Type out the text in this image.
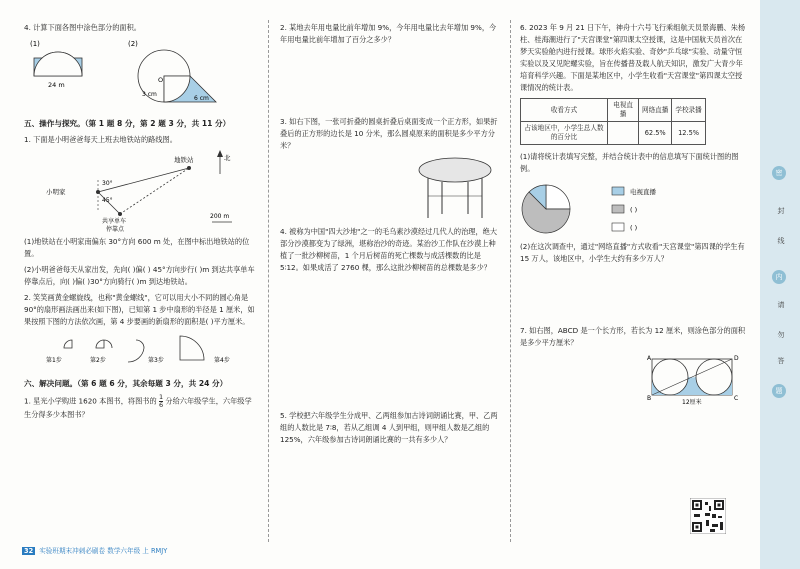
4. 计算下面各图中涂色部分的面积。
(1)
24 m
(2)
O
3 cm
6 cm
五、操作与探究。（第 1 题 8 分，第 2 题 3 分，共 11 分）
1. 下面是小明爸爸每天上班去地铁站的路线图。
北
地铁站
小明家
30°
45°
共享单车
停靠点
200 m
(1)地铁站在小明家南偏东 30°方向 600 m 处，在图中标出地铁站的位置。
(2)小明爸爸每天从家出发，先向( )偏( ) 45°方向步行( )m 到达共享单车停靠点后，向( )偏( )30°方向骑行( )m 到达地铁站。
2. 笑笑画黄金螺旋线，也称"黄金螺线"，它可以用大小不同的圆心角是 90°的扇形画法画出来(如下图)，已知第 1 步中扇形的半径是 1 厘米，如果按照下图的方法依次画，第 4 步要画的新扇形的面积是( )平方厘米。
第1步	第2步	第3步	第4步
六、解决问题。（第 6 题 6 分，其余每题 3 分，共 24 分）
1. 星光小学购进 1620 本图书，将图书的 $\frac{1}{6}$ 分给六年级学生，六年级学生分得多少本图书？
2. 某地去年用电量比前年增加 9%，今年用电量比去年增加 9%，今年用电量比前年增加了百分之多少？
3. 如右下图，一张可折叠的圆桌折叠后桌面变成一个正方形，如果折叠后的正方形的边长是 10 分米，那么圆桌原来的面积是多少平方分米？
4. 被称为中国"四大沙地"之一的毛乌素沙漠经过几代人的治理，绝大部分沙漠都变为了绿洲，堪称治沙的奇迹。某治沙工作队在沙漠上种植了一批沙柳树苗，1 个月后树苗的死亡棵数与成活棵数的比是 5∶12。如果成活了 2760 棵，那么这批沙柳树苗的总棵数是多少？
5. 学校把六年级学生分成甲、乙两组参加古诗词朗诵比赛，甲、乙两组的人数比是 7∶8，若从乙组调 4 人到甲组，则甲组人数是乙组的 125%，六年级参加古诗词朗诵比赛的一共有多少人？
6. 2023 年 9 月 21 日下午，神舟十六号飞行乘组航天员景海鹏、朱杨柱、桂海潮进行了"天宫课堂"第四课太空授课，这是中国航天员首次在梦天实验舱内进行授课。球形火焰实验、奇妙"乒乓球"实验、动量守恒实验以及又见陀螺实验，旨在传播普及载人航天知识，激发广大青少年培育科学兴趣。下面是某地区中，小学生收看"天宫课堂"第四课太空授课情况的统计表。
收看方式	电视直播	网络直播	学校录播
占该地区中，小学生总人数的百分比		62.5%	12.5%
(1)请将统计表填写完整，并结合统计表中的信息填写下面统计图的图例。
电视直播
( )
( )
(2)在这次调查中，通过"网络直播"方式收看"天宫课堂"第四课的学生有 15 万人，该地区中，小学生大约有多少万人？
7. 如右图，ABCD 是一个长方形，若长为 12 厘米，则涂色部分的面积是多少平方厘米？
A	D
B	C
12厘米
密
封
线
内
请
勿
答
题
32 实验班期末冲刺必刷卷 数学六年级 上 RMJY
